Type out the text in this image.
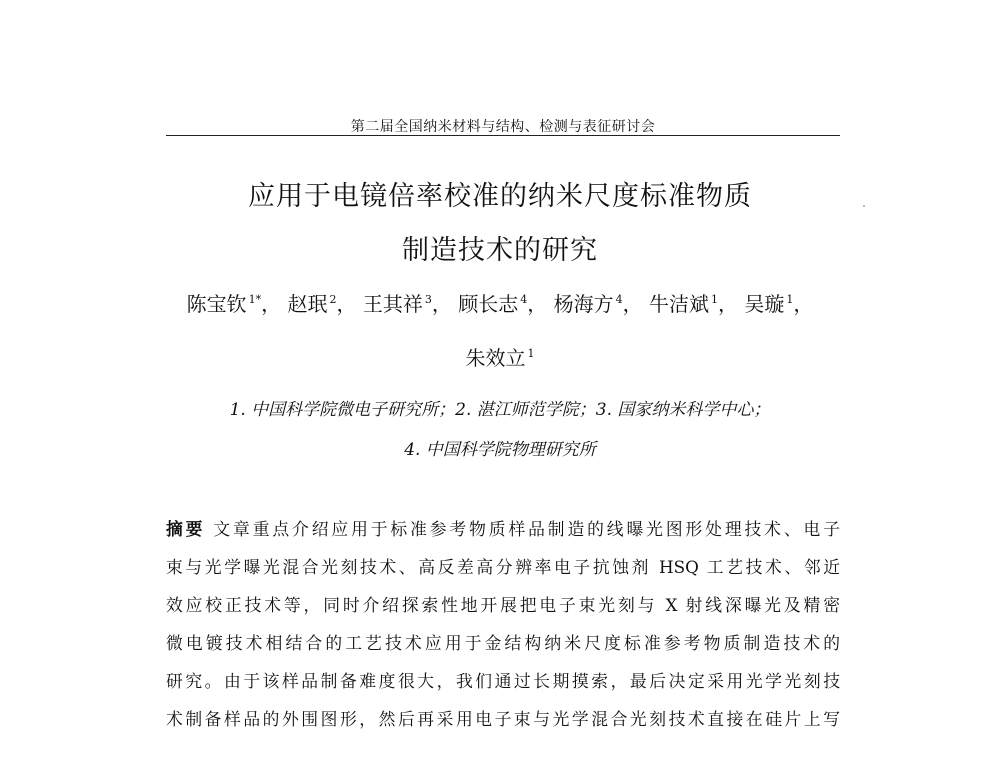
第二届全国纳米材料与结构、检测与表征研讨会
应用于电镜倍率校准的纳米尺度标准物质
制造技术的研究
陈宝钦 $^{1*}$， 赵珉 $^2$， 王其祥 $^3$， 顾长志 $^4$， 杨海方 $^4$， 牛洁斌 $^1$， 吴璇 $^1$，
朱效立 $^1$
1. 中国科学院微电子研究所；2. 湛江师范学院；3. 国家纳米科学中心；
4. 中国科学院物理研究所
摘要 文章重点介绍应用于标准参考物质样品制造的线曝光图形处理技术、电子
束与光学曝光混合光刻技术、高反差高分辨率电子抗蚀剂 HSQ 工艺技术、邻近
效应校正技术等，同时介绍探索性地开展把电子束光刻与 X 射线深曝光及精密
微电镀技术相结合的工艺技术应用于金结构纳米尺度标准参考物质制造技术的
研究。由于该样品制备难度很大，我们通过长期摸索，最后决定采用光学光刻技
术制备样品的外围图形，然后再采用电子束与光学混合光刻技术直接在硅片上写
